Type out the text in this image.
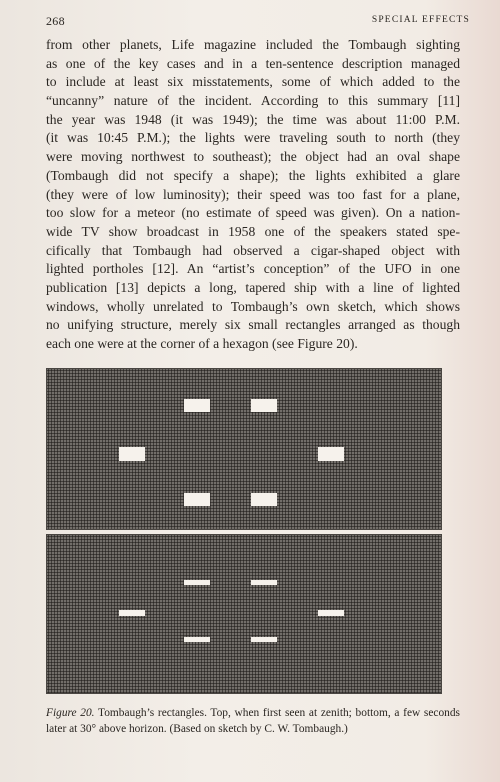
268	SPECIAL EFFECTS

from other planets, Life magazine included the Tombaugh sighting
as one of the key cases and in a ten-sentence description managed
to include at least six misstatements, some of which added to the
“uncanny” nature of the incident. According to this summary [11]
the year was 1948 (it was 1949); the time was about 11:00 P.M.
(it was 10:45 P.M.); the lights were traveling south to north (they
were moving northwest to southeast); the object had an oval shape
(Tombaugh did not specify a shape); the lights exhibited a glare
(they were of low luminosity); their speed was too fast for a plane,
too slow for a meteor (no estimate of speed was given). On a nation-
wide TV show broadcast in 1958 one of the speakers stated spe-
cifically that Tombaugh had observed a cigar-shaped object with
lighted portholes [12]. An “artist’s conception” of the UFO in one
publication [13] depicts a long, tapered ship with a line of lighted
windows, wholly unrelated to Tombaugh’s own sketch, which shows
no unifying structure, merely six small rectangles arranged as though
each one were at the corner of a hexagon (see Figure 20).

Figure 20. Tombaugh’s rectangles. Top, when first seen at zenith; bottom, a few seconds later at 30° above horizon. (Based on sketch by C. W. Tombaugh.)
